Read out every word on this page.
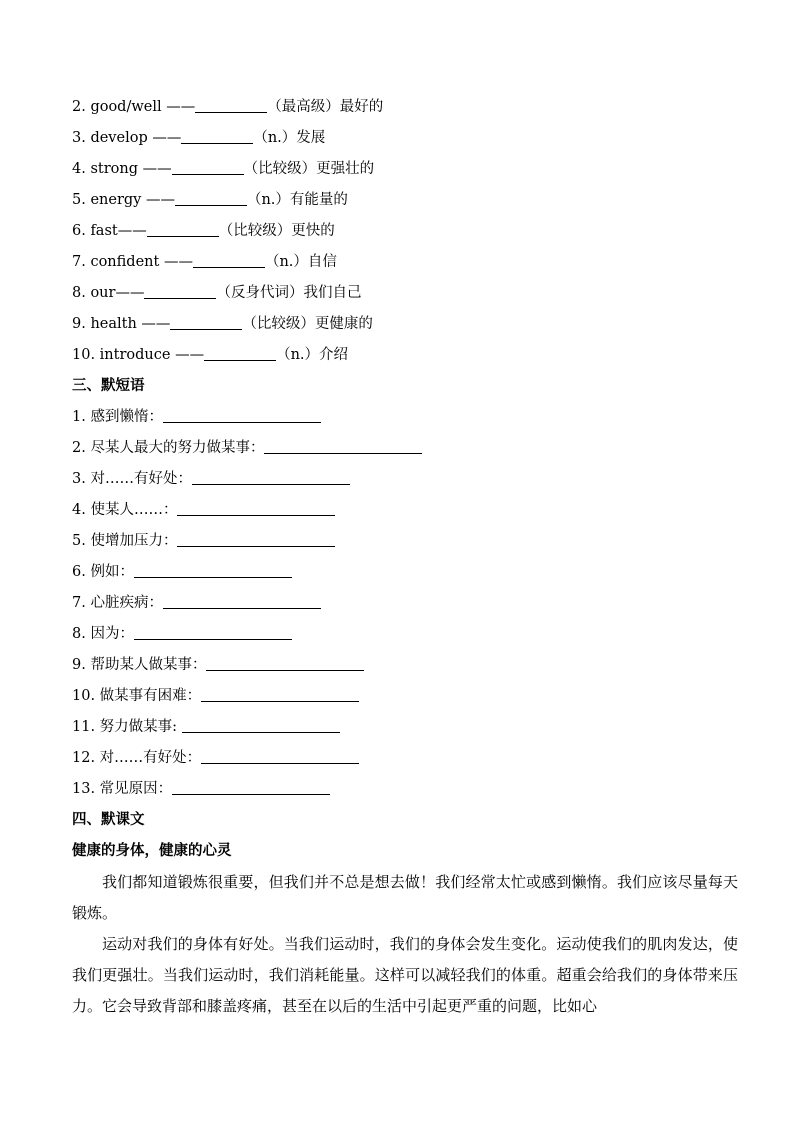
2. good/well ——	（最高级）最好的
3. develop ——	（n.）发展
4. strong ——	（比较级）更强壮的
5. energy ——	（n.）有能量的
6. fast——	（比较级）更快的
7. confident ——	（n.）自信
8. our——	（反身代词）我们自己
9. health ——	（比较级）更健康的
10. introduce ——	（n.）介绍
三、默短语
1. 感到懒惰：
2. 尽某人最大的努力做某事：
3. 对……有好处：
4. 使某人……：
5. 使增加压力：
6. 例如：
7. 心脏疾病：
8. 因为：
9. 帮助某人做某事：
10. 做某事有困难：
11. 努力做某事:
12. 对……有好处：
13. 常见原因：
四、默课文
健康的身体，健康的心灵

我们都知道锻炼很重要，但我们并不总是想去做！我们经常太忙或感到懒惰。我们应该尽量每天锻炼。

运动对我们的身体有好处。当我们运动时，我们的身体会发生变化。运动使我们的肌肉发达，使我们更强壮。当我们运动时，我们消耗能量。这样可以减轻我们的体重。超重会给我们的身体带来压力。它会导致背部和膝盖疼痛，甚至在以后的生活中引起更严重的问题，比如心
